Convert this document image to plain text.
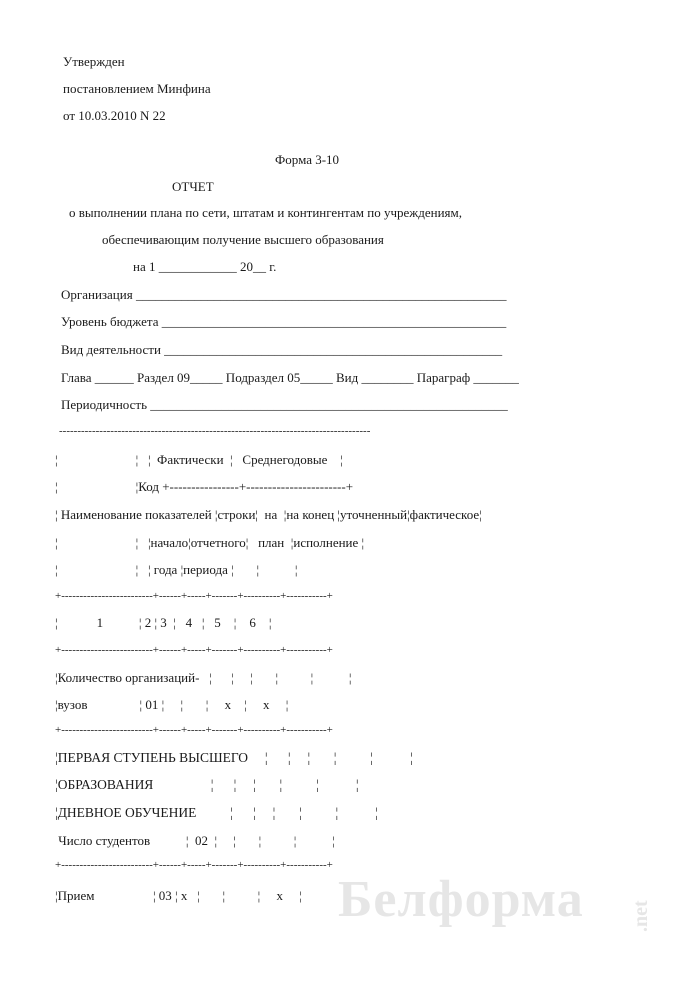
Утвержден
постановлением Минфина
от 10.03.2010 N 22
Форма 3-10
ОТЧЕТ
о выполнении плана по сети, штатам и контингентам по учреждениям,
обеспечивающим получение высшего образования
на 1 ____________ 20__ г.
Организация _________________________________________________________
Уровень бюджета _____________________________________________________
Вид деятельности ____________________________________________________
Глава ______ Раздел 09_____ Подраздел 05_____ Вид ________ Параграф _______
Периодичность _______________________________________________________
-------------------------------------------------------------------------------------
¦                        ¦   ¦  Фактически  ¦   Среднегодовые    ¦
¦                        ¦Код +----------------+-----------------------+
¦ Наименование показателей ¦строки¦  на  ¦на конец ¦уточненный¦фактическое¦
¦                        ¦   ¦начало¦отчетного¦   план  ¦исполнение ¦
¦                        ¦   ¦ года ¦периода ¦       ¦           ¦
+-------------------------+------+-----+-------+----------+-----------+
¦            1           ¦ 2 ¦ 3  ¦   4   ¦   5    ¦    6    ¦
+-------------------------+------+-----+-------+----------+-----------+
¦Количество организаций-   ¦      ¦     ¦       ¦          ¦           ¦
¦вузов                ¦ 01 ¦     ¦       ¦     x    ¦     x     ¦
+-------------------------+------+-----+-------+----------+-----------+
¦ПЕРВАЯ СТУПЕНЬ ВЫСШЕГО     ¦      ¦     ¦       ¦          ¦           ¦
¦ОБРАЗОВАНИЯ                 ¦      ¦     ¦       ¦          ¦           ¦
¦ДНЕВНОЕ ОБУЧЕНИЕ          ¦      ¦     ¦       ¦          ¦           ¦
Число студентов           ¦  02  ¦     ¦       ¦          ¦           ¦
+-------------------------+------+-----+-------+----------+-----------+
¦Прием                  ¦ 03 ¦ x   ¦       ¦          ¦     x     ¦ Белформа .net
